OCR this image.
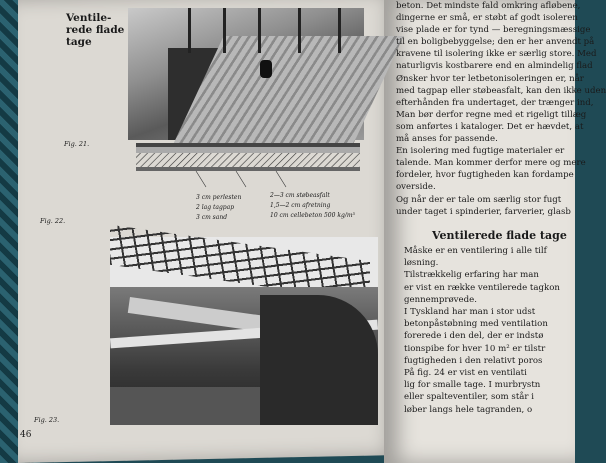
Ventile-
rede flade
tage
Fig. 21.
3 cm perlesten
2 lag tagpap
3 cm sand
2—3 cm støbeasfalt
1,5—2 cm afretning
10 cm cellebeton 500 kg/m³
Fig. 22.
Fig. 23.
46

beton. Det mindste fald omkring afløbene,

dingerne er små, er støbt af godt isoleren

vise plade er for tynd — beregningsmæssige

til en boligbebyggelse; den er her anvendt på

kravene til isolering ikke er særlig store. Med

naturligvis kostbarere end en almindelig flad

Ønsker hvor ter letbetonisoleringen er, når

med tagpap eller støbeasfalt, kan den ikke uden

efterhånden fra undertaget, der trænger ind,

Man bør derfor regne med et rigeligt tillæg

som anførtes i kataloger. Det er hævdet, at

må anses for passende.

En isolering med fugtige materialer er

talende. Man kommer derfor mere og mere

fordeler, hvor fugtigheden kan fordampe

overside.

Og når der er tale om særlig stor fugt

under taget i spinderier, farverier, glasb

Ventilerede flade tage

Måske er en ventilering i alle tilf

løsning.

Tilstrækkelig erfaring har man

er vist en række ventilerede tagkon

gennemprøvede.

I Tyskland har man i stor udst

betonpåstøbning med ventilation

forerede i den del, der er indstø

tionspibe for hver 10 m² er tilstr

fugtigheden i den relativt poros

På fig. 24 er vist en ventilati

lig for smalle tage. I murbrystn

eller spalteventiler, som står i

løber langs hele tagranden, o
